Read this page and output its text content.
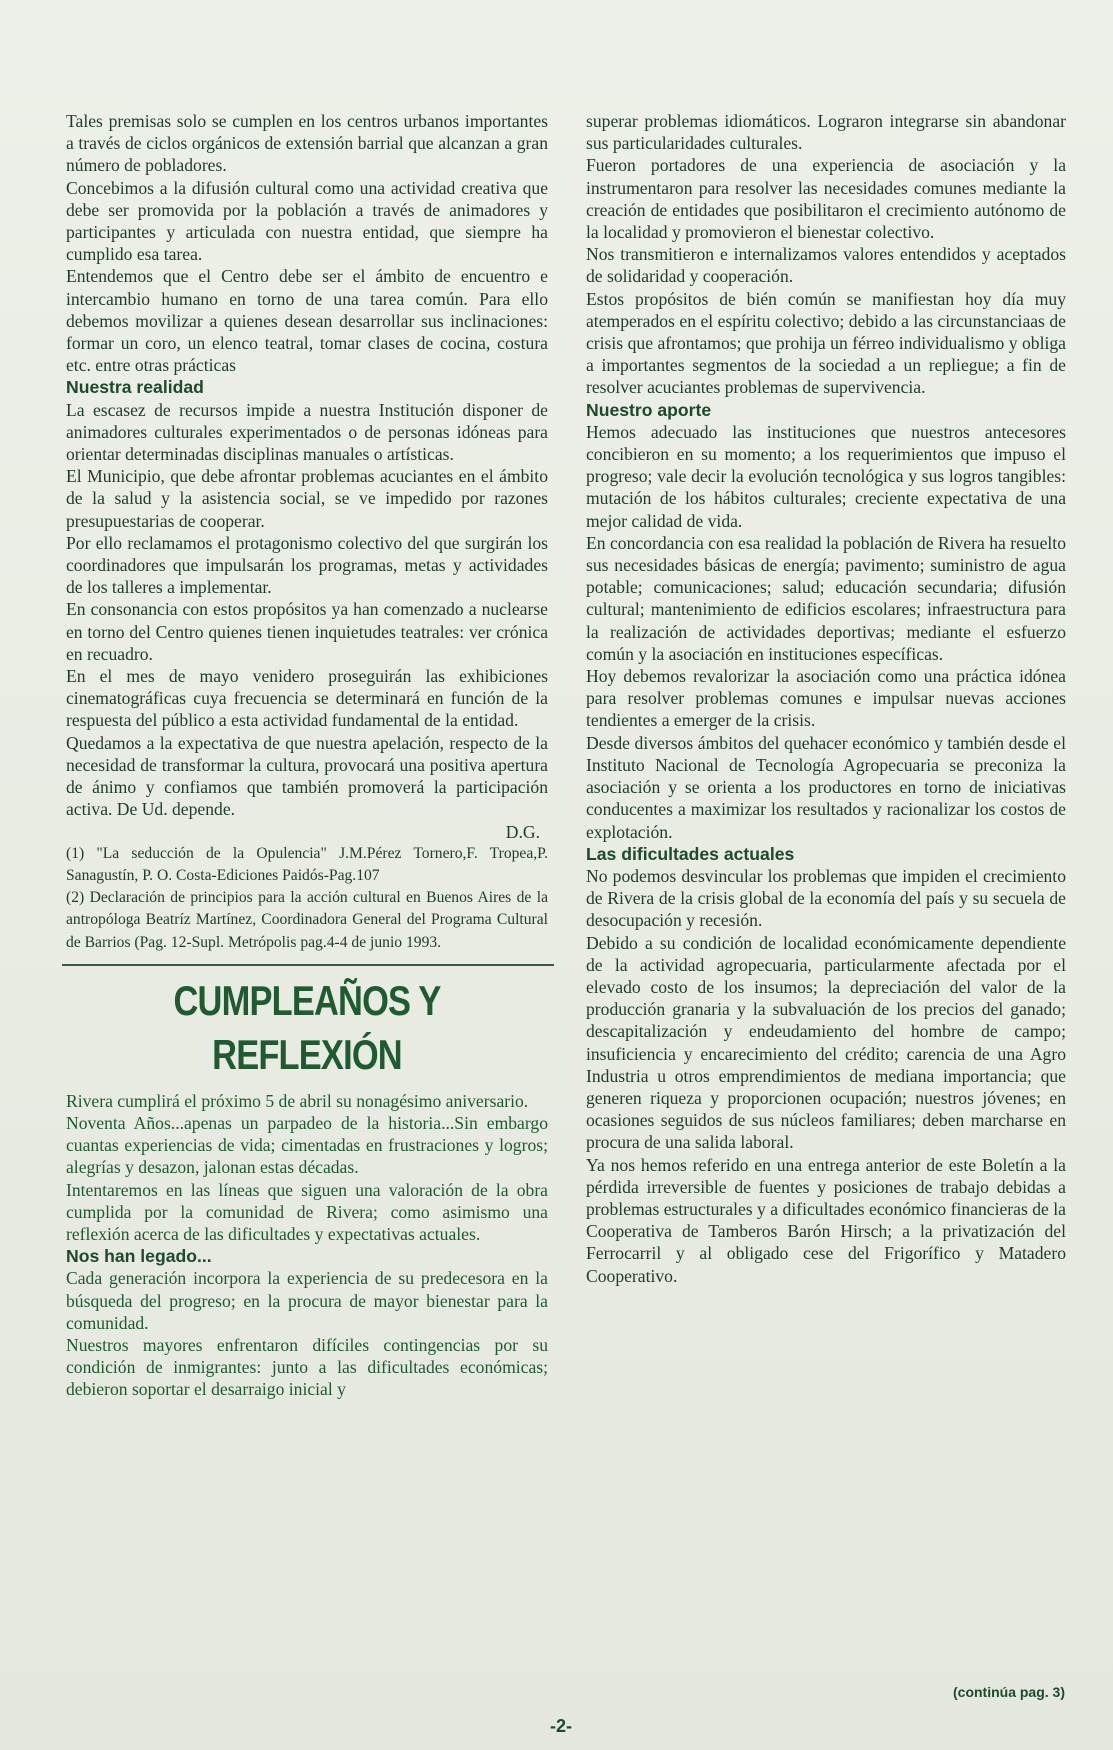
Tales premisas solo se cumplen en los centros urbanos importantes a través de ciclos orgánicos de extensión barrial que alcanzan a gran número de pobladores.

Concebimos a la difusión cultural como una actividad creativa que debe ser promovida por la población a través de animadores y participantes y articulada con nuestra entidad, que siempre ha cumplido esa tarea.

Entendemos que el Centro debe ser el ámbito de encuentro e intercambio humano en torno de una tarea común. Para ello debemos movilizar a quienes desean desarrollar sus inclinaciones: formar un coro, un elenco teatral, tomar clases de cocina, costura etc. entre otras prácticas

Nuestra realidad

La escasez de recursos impide a nuestra Institución disponer de animadores culturales experimentados o de personas idóneas para orientar determinadas disciplinas manuales o artísticas.

El Municipio, que debe afrontar problemas acuciantes en el ámbito de la salud y la asistencia social, se ve impedido por razones presupuestarias de cooperar.

Por ello reclamamos el protagonismo colectivo del que surgirán los coordinadores que impulsarán los programas, metas y actividades de los talleres a implementar.

En consonancia con estos propósitos ya han comenzado a nuclearse en torno del Centro quienes tienen inquietudes teatrales: ver crónica en recuadro.

En el mes de mayo venidero proseguirán las exhibiciones cinematográficas cuya frecuencia se determinará en función de la respuesta del público a esta actividad fundamental de la entidad.

Quedamos a la expectativa de que nuestra apelación, respecto de la necesidad de transformar la cultura, provocará una positiva apertura de ánimo y confiamos que también promoverá la participación activa. De Ud. depende.

D.G.

(1) "La seducción de la Opulencia" J.M.Pérez Tornero,F. Tropea,P. Sanagustín, P. O. Costa-Ediciones Paidós-Pag.107

(2) Declaración de principios para la acción cultural en Buenos Aires de la antropóloga Beatríz Martínez, Coordinadora General del Programa Cultural de Barrios (Pag. 12-Supl. Metrópolis pag.4-4 de junio 1993.

CUMPLEAÑOS Y REFLEXIÓN

Rivera cumplirá el próximo 5 de abril su nonagésimo aniversario.

Noventa Años...apenas un parpadeo de la historia...Sin embargo cuantas experiencias de vida; cimentadas en frustraciones y logros; alegrías y desazon, jalonan estas décadas.

Intentaremos en las líneas que siguen una valoración de la obra cumplida por la comunidad de Rivera; como asimismo una reflexión acerca de las dificultades y expectativas actuales.

Nos han legado...

Cada generación incorpora la experiencia de su predecesora en la búsqueda del progreso; en la procura de mayor bienestar para la comunidad.

Nuestros mayores enfrentaron difíciles contingencias por su condición de inmigrantes: junto a las dificultades económicas; debieron soportar el desarraigo inicial y

superar problemas idiomáticos. Lograron integrarse sin abandonar sus particularidades culturales.

Fueron portadores de una experiencia de asociación y la instrumentaron para resolver las necesidades comunes mediante la creación de entidades que posibilitaron el crecimiento autónomo de la localidad y promovieron el bienestar colectivo.

Nos transmitieron e internalizamos valores entendidos y aceptados de solidaridad y cooperación.

Estos propósitos de bién común se manifiestan hoy día muy atemperados en el espíritu colectivo; debido a las circunstanciaas de crisis que afrontamos; que prohija un férreo individualismo y obliga a importantes segmentos de la sociedad a un repliegue; a fin de resolver acuciantes problemas de supervivencia.

Nuestro aporte

Hemos adecuado las instituciones que nuestros antecesores concibieron en su momento; a los requerimientos que impuso el progreso; vale decir la evolución tecnológica y sus logros tangibles: mutación de los hábitos culturales; creciente expectativa de una mejor calidad de vida.

En concordancia con esa realidad la población de Rivera ha resuelto sus necesidades básicas de energía; pavimento; suministro de agua potable; comunicaciones; salud; educación secundaria; difusión cultural; mantenimiento de edificios escolares; infraestructura para la realización de actividades deportivas; mediante el esfuerzo común y la asociación en instituciones específicas.

Hoy debemos revalorizar la asociación como una práctica idónea para resolver problemas comunes e impulsar nuevas acciones tendientes a emerger de la crisis.

Desde diversos ámbitos del quehacer económico y también desde el Instituto Nacional de Tecnología Agropecuaria se preconiza la asociación y se orienta a los productores en torno de iniciativas conducentes a maximizar los resultados y racionalizar los costos de explotación.

Las dificultades actuales

No podemos desvincular los problemas que impiden el crecimiento de Rivera de la crisis global de la economía del país y su secuela de desocupación y recesión.

Debido a su condición de localidad económicamente dependiente de la actividad agropecuaria, particularmente afectada por el elevado costo de los insumos; la depreciación del valor de la producción granaria y la subvaluación de los precios del ganado; descapitalización y endeudamiento del hombre de campo; insuficiencia y encarecimiento del crédito; carencia de una Agro Industria u otros emprendimientos de mediana importancia; que generen riqueza y proporcionen ocupación; nuestros jóvenes; en ocasiones seguidos de sus núcleos familiares; deben marcharse en procura de una salida laboral.

Ya nos hemos referido en una entrega anterior de este Boletín a la pérdida irreversible de fuentes y posiciones de trabajo debidas a problemas estructurales y a dificultades económico financieras de la Cooperativa de Tamberos Barón Hirsch; a la privatización del Ferrocarril y al obligado cese del Frigorífico y Matadero Cooperativo.

(continúa pag. 3)
-2-
